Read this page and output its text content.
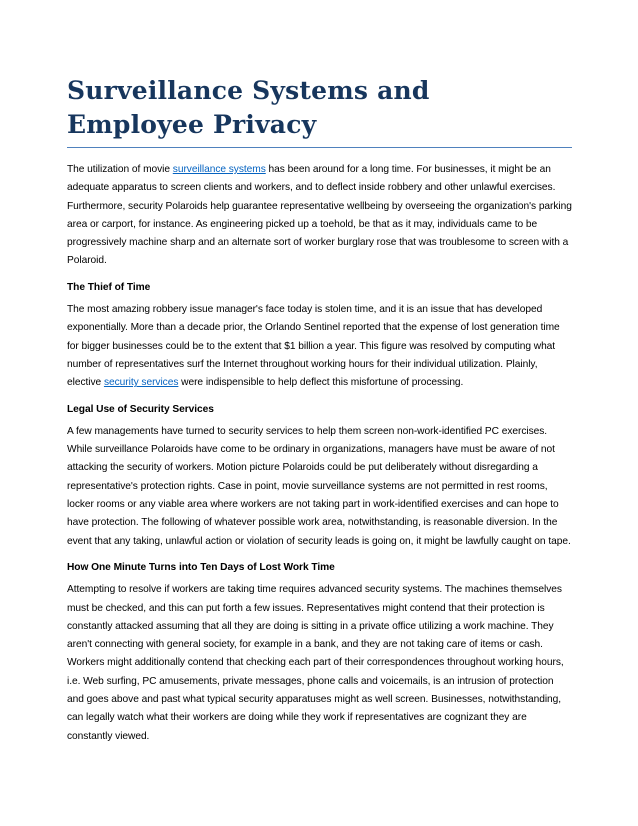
Surveillance Systems and Employee Privacy

The utilization of movie surveillance systems has been around for a long time. For businesses, it might be an adequate apparatus to screen clients and workers, and to deflect inside robbery and other unlawful exercises. Furthermore, security Polaroids help guarantee representative wellbeing by overseeing the organization's parking area or carport, for instance. As engineering picked up a toehold, be that as it may, individuals came to be progressively machine sharp and an alternate sort of worker burglary rose that was troublesome to screen with a Polaroid.

The Thief of Time

The most amazing robbery issue manager's face today is stolen time, and it is an issue that has developed exponentially. More than a decade prior, the Orlando Sentinel reported that the expense of lost generation time for bigger businesses could be to the extent that $1 billion a year. This figure was resolved by computing what number of representatives surf the Internet throughout working hours for their individual utilization. Plainly, elective security services were indispensible to help deflect this misfortune of processing.

Legal Use of Security Services

A few managements have turned to security services to help them screen non-work-identified PC exercises. While surveillance Polaroids have come to be ordinary in organizations, managers have must be aware of not attacking the security of workers. Motion picture Polaroids could be put deliberately without disregarding a representative's protection rights. Case in point, movie surveillance systems are not permitted in rest rooms, locker rooms or any viable area where workers are not taking part in work-identified exercises and can hope to have protection. The following of whatever possible work area, notwithstanding, is reasonable diversion. In the event that any taking, unlawful action or violation of security leads is going on, it might be lawfully caught on tape.

How One Minute Turns into Ten Days of Lost Work Time

Attempting to resolve if workers are taking time requires advanced security systems. The machines themselves must be checked, and this can put forth a few issues. Representatives might contend that their protection is constantly attacked assuming that all they are doing is sitting in a private office utilizing a work machine. They aren't connecting with general society, for example in a bank, and they are not taking care of items or cash. Workers might additionally contend that checking each part of their correspondences throughout working hours, i.e. Web surfing, PC amusements, private messages, phone calls and voicemails, is an intrusion of protection and goes above and past what typical security apparatuses might as well screen. Businesses, notwithstanding, can legally watch what their workers are doing while they work if representatives are cognizant they are constantly viewed.
